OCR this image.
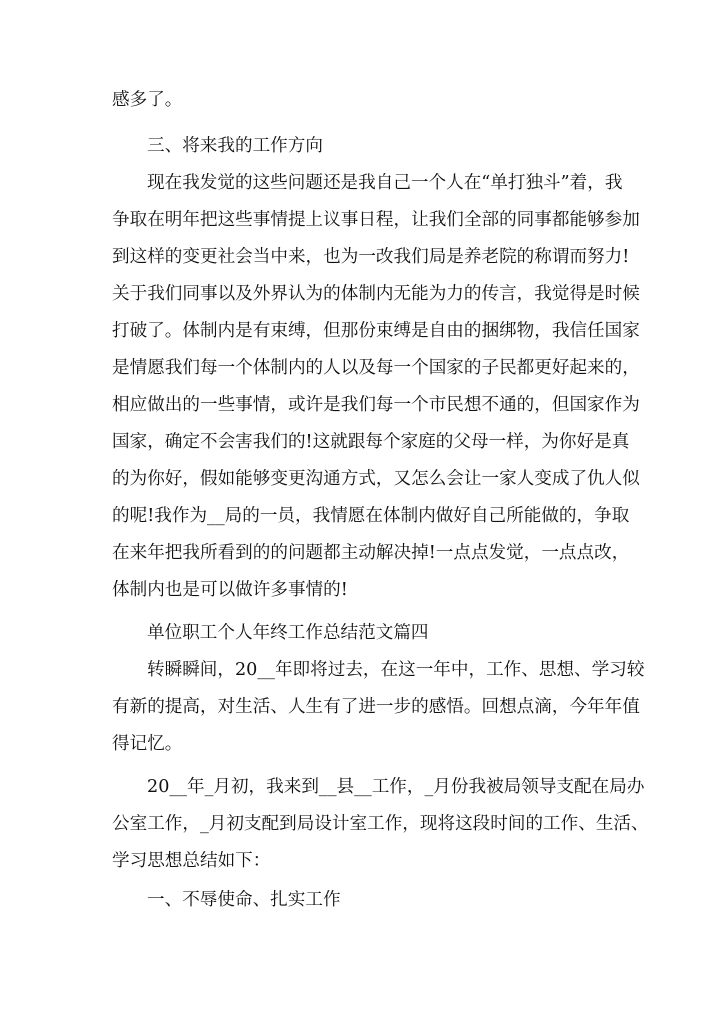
感多了。
三、将来我的工作方向
现在我发觉的这些问题还是我自己一个人在“单打独斗”着，我
争取在明年把这些事情提上议事日程，让我们全部的同事都能够参加
到这样的变更社会当中来，也为一改我们局是养老院的称谓而努力!
关于我们同事以及外界认为的体制内无能为力的传言，我觉得是时候
打破了。体制内是有束缚，但那份束缚是自由的捆绑物，我信任国家
是情愿我们每一个体制内的人以及每一个国家的子民都更好起来的，
相应做出的一些事情，或许是我们每一个市民想不通的，但国家作为
国家，确定不会害我们的!这就跟每个家庭的父母一样，为你好是真
的为你好，假如能够变更沟通方式，又怎么会让一家人变成了仇人似
的呢!我作为__局的一员，我情愿在体制内做好自己所能做的，争取
在来年把我所看到的的问题都主动解决掉!一点点发觉，一点点改，
体制内也是可以做许多事情的!
单位职工个人年终工作总结范文篇四
转瞬瞬间，20__年即将过去，在这一年中，工作、思想、学习较
有新的提高，对生活、人生有了进一步的感悟。回想点滴，今年年值
得记忆。
20__年_月初，我来到__县__工作，_月份我被局领导支配在局办
公室工作，_月初支配到局设计室工作，现将这段时间的工作、生活、
学习思想总结如下：
一、不辱使命、扎实工作
